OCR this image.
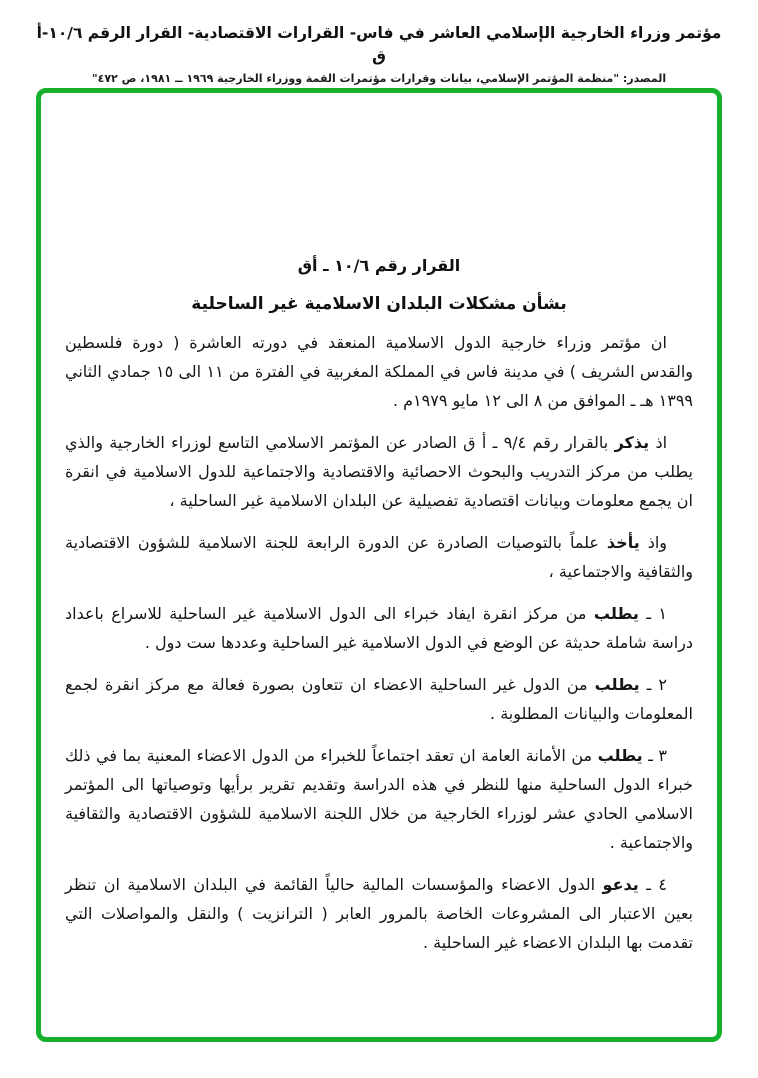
مؤتمر وزراء الخارجية الإسلامي العاشر في فاس- القرارات الاقتصادية- القرار الرقم ١٠/٦-أ ق
المصدر: "منظمة المؤتمر الإسلامي، بيانات وقرارات مؤتمرات القمة ووزراء الخارجية ١٩٦٩ ــ ١٩٨١، ص ٤٧٢"
القرار رقم ١٠/٦ ـ أق
بشأن مشكلات البلدان الاسلامية غير الساحلية

ان مؤتمر وزراء خارجية الدول الاسلامية المنعقد في دورته العاشرة ( دورة فلسطين والقدس الشريف ) في مدينة فاس في المملكة المغربية في الفترة من ١١ الى ١٥ جمادي الثاني ١٣٩٩ هـ ـ الموافق من ٨ الى ١٢ مايو ١٩٧٩م .

اذ يذكر بالقرار رقم ٩/٤ ـ أ ق الصادر عن المؤتمر الاسلامي التاسع لوزراء الخارجية والذي يطلب من مركز التدريب والبحوث الاحصائية والاقتصادية والاجتماعية للدول الاسلامية في انقرة ان يجمع معلومات وبيانات اقتصادية تفصيلية عن البلدان الاسلامية غير الساحلية ،

واذ يأخذ علماً بالتوصيات الصادرة عن الدورة الرابعة للجنة الاسلامية للشؤون الاقتصادية والثقافية والاجتماعية ،

١ ـ يطلب من مركز انقرة ايفاد خبراء الى الدول الاسلامية غير الساحلية للاسراع باعداد دراسة شاملة حديثة عن الوضع في الدول الاسلامية غير الساحلية وعددها ست دول .

٢ ـ يطلب من الدول غير الساحلية الاعضاء ان تتعاون بصورة فعالة مع مركز انقرة لجمع المعلومات والبيانات المطلوبة .

٣ ـ يطلب من الأمانة العامة ان تعقد اجتماعاً للخبراء من الدول الاعضاء المعنية بما في ذلك خبراء الدول الساحلية منها للنظر في هذه الدراسة وتقديم تقرير برأيها وتوصياتها الى المؤتمر الاسلامي الحادي عشر لوزراء الخارجية من خلال اللجنة الاسلامية للشؤون الاقتصادية والثقافية والاجتماعية .

٤ ـ يدعو الدول الاعضاء والمؤسسات المالية حالياً القائمة في البلدان الاسلامية ان تنظر بعين الاعتبار الى المشروعات الخاصة بالمرور العابر ( الترانزيت ) والنقل والمواصلات التي تقدمت بها البلدان الاعضاء غير الساحلية .
